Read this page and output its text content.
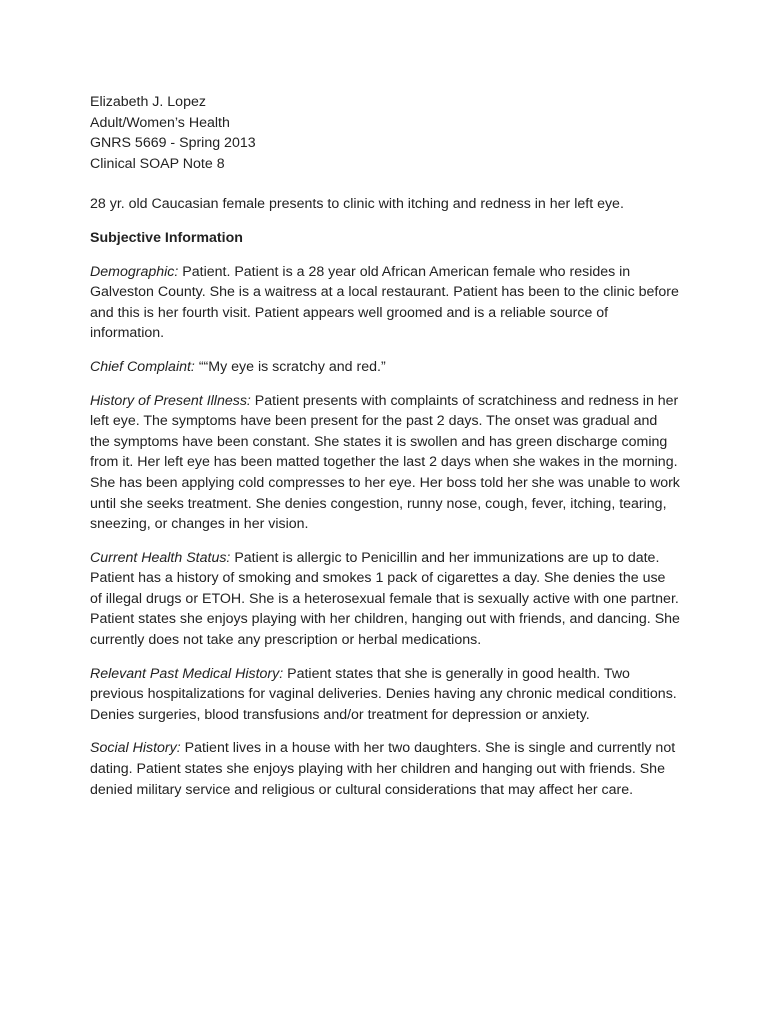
Elizabeth J. Lopez
Adult/Women’s Health
GNRS 5669 - Spring 2013
Clinical SOAP Note 8

28 yr. old Caucasian female presents to clinic with itching and redness in her left eye.

Subjective Information

Demographic: Patient. Patient is a 28 year old African American female who resides in Galveston County. She is a waitress at a local restaurant. Patient has been to the clinic before and this is her fourth visit. Patient appears well groomed and is a reliable source of information.

Chief Complaint: ““My eye is scratchy and red.”

History of Present Illness: Patient presents with complaints of scratchiness and redness in her left eye. The symptoms have been present for the past 2 days. The onset was gradual and the symptoms have been constant. She states it is swollen and has green discharge coming from it. Her left eye has been matted together the last 2 days when she wakes in the morning. She has been applying cold compresses to her eye. Her boss told her she was unable to work until she seeks treatment. She denies congestion, runny nose, cough, fever, itching, tearing, sneezing, or changes in her vision.

Current Health Status: Patient is allergic to Penicillin and her immunizations are up to date. Patient has a history of smoking and smokes 1 pack of cigarettes a day. She denies the use of illegal drugs or ETOH. She is a heterosexual female that is sexually active with one partner. Patient states she enjoys playing with her children, hanging out with friends, and dancing. She currently does not take any prescription or herbal medications.

Relevant Past Medical History: Patient states that she is generally in good health. Two previous hospitalizations for vaginal deliveries. Denies having any chronic medical conditions. Denies surgeries, blood transfusions and/or treatment for depression or anxiety.

Social History: Patient lives in a house with her two daughters. She is single and currently not dating. Patient states she enjoys playing with her children and hanging out with friends. She denied military service and religious or cultural considerations that may affect her care.
